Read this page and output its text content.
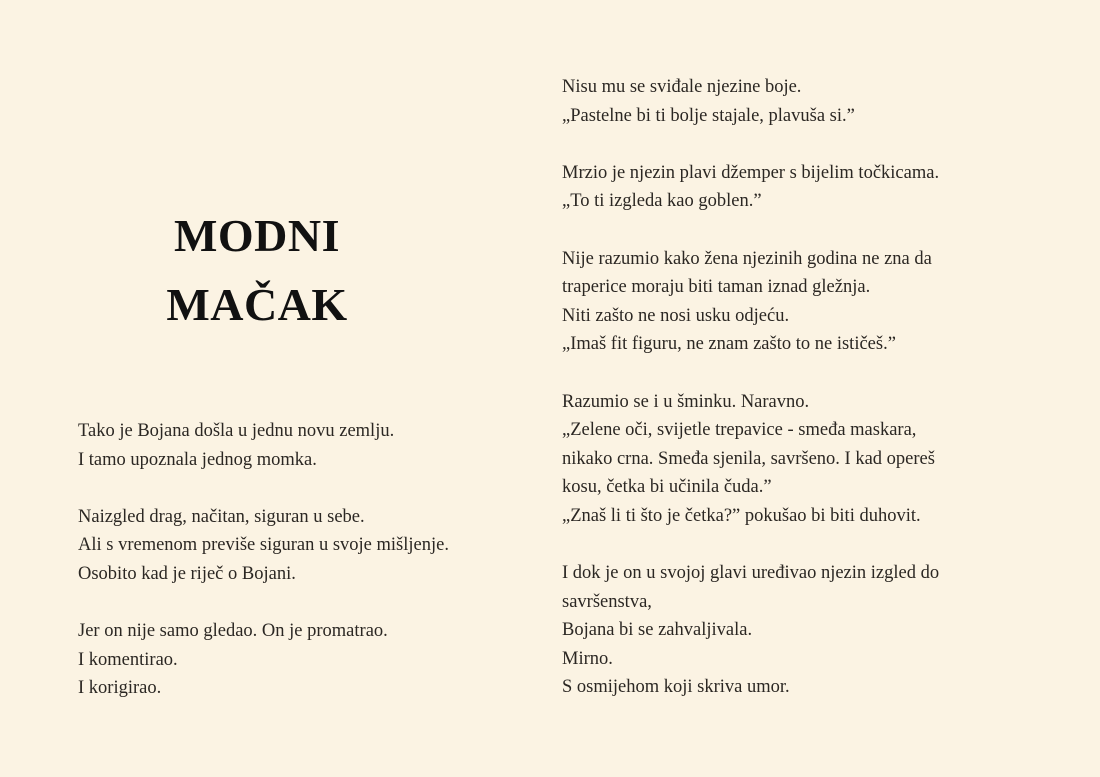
MODNI
MAČAK
Tako je Bojana došla u jednu novu zemlju.
I tamo upoznala jednog momka.
Naizgled drag, načitan, siguran u sebe.
Ali s vremenom previše siguran u svoje mišljenje.
Osobito kad je riječ o Bojani.
Jer on nije samo gledao. On je promatrao.
I komentirao.
I korigirao.
Nisu mu se sviđale njezine boje.
„Pastelne bi ti bolje stajale, plavuša si.”
Mrzio je njezin plavi džemper s bijelim točkicama.
„To ti izgleda kao goblen.”
Nije razumio kako žena njezinih godina ne zna da
traperice moraju biti taman iznad gležnja.
Niti zašto ne nosi usku odjeću.
„Imaš fit figuru, ne znam zašto to ne ističeš.”
Razumio se i u šminku. Naravno.
„Zelene oči, svijetle trepavice - smeđa maskara,
nikako crna. Smeđa sjenila, savršeno. I kad opereš
kosu, četka bi učinila čuda.”
„Znaš li ti što je četka?” pokušao bi biti duhovit.
I dok je on u svojoj glavi uređivao njezin izgled do
savršenstva,
Bojana bi se zahvaljivala.
Mirno.
S osmijehom koji skriva umor.
